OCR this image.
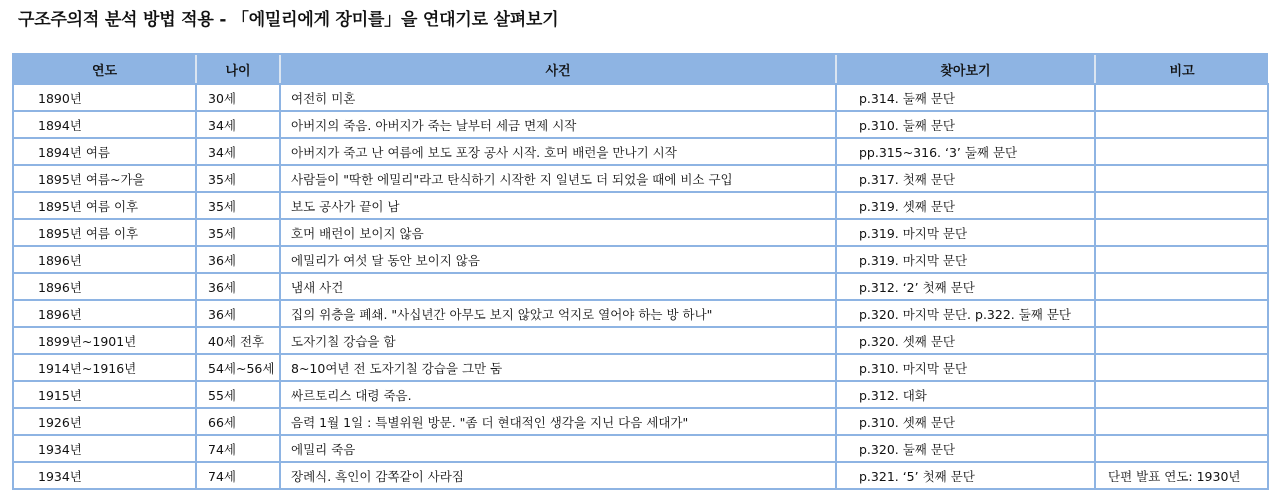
구조주의적 분석 방법 적용 - 「에밀리에게 장미를」을 연대기로 살펴보기
연도	나이	사건	찾아보기	비고
1890년	30세	여전히 미혼	p.314. 둘째 문단	
1894년	34세	아버지의 죽음. 아버지가 죽는 날부터 세금 면제 시작	p.310. 둘째 문단	
1894년 여름	34세	아버지가 죽고 난 여름에 보도 포장 공사 시작. 호머 배런을 만나기 시작	pp.315~316. ‘3’ 둘째 문단	
1895년 여름~가을	35세	사람들이 "딱한 에밀리"라고 탄식하기 시작한 지 일년도 더 되었을 때에 비소 구입	p.317. 첫째 문단	
1895년 여름 이후	35세	보도 공사가 끝이 남	p.319. 셋째 문단	
1895년 여름 이후	35세	호머 배런이 보이지 않음	p.319. 마지막 문단	
1896년	36세	에밀리가 여섯 달 동안 보이지 않음	p.319. 마지막 문단	
1896년	36세	냄새 사건	p.312. ‘2’ 첫째 문단	
1896년	36세	집의 위층을 폐쇄. "사십년간 아무도 보지 않았고 억지로 열어야 하는 방 하나"	p.320. 마지막 문단. p.322. 둘째 문단	
1899년~1901년	40세 전후	도자기칠 강습을 함	p.320. 셋째 문단	
1914년~1916년	54세~56세	8~10여년 전 도자기칠 강습을 그만 둠	p.310. 마지막 문단	
1915년	55세	싸르토리스 대령 죽음.	p.312. 대화	
1926년	66세	음력 1월 1일 : 특별위원 방문. "좀 더 현대적인 생각을 지닌 다음 세대가"	p.310. 셋째 문단	
1934년	74세	에밀리 죽음	p.320. 둘째 문단	
1934년	74세	장례식. 흑인이 감쪽같이 사라짐	p.321. ‘5’ 첫째 문단	단편 발표 연도: 1930년
